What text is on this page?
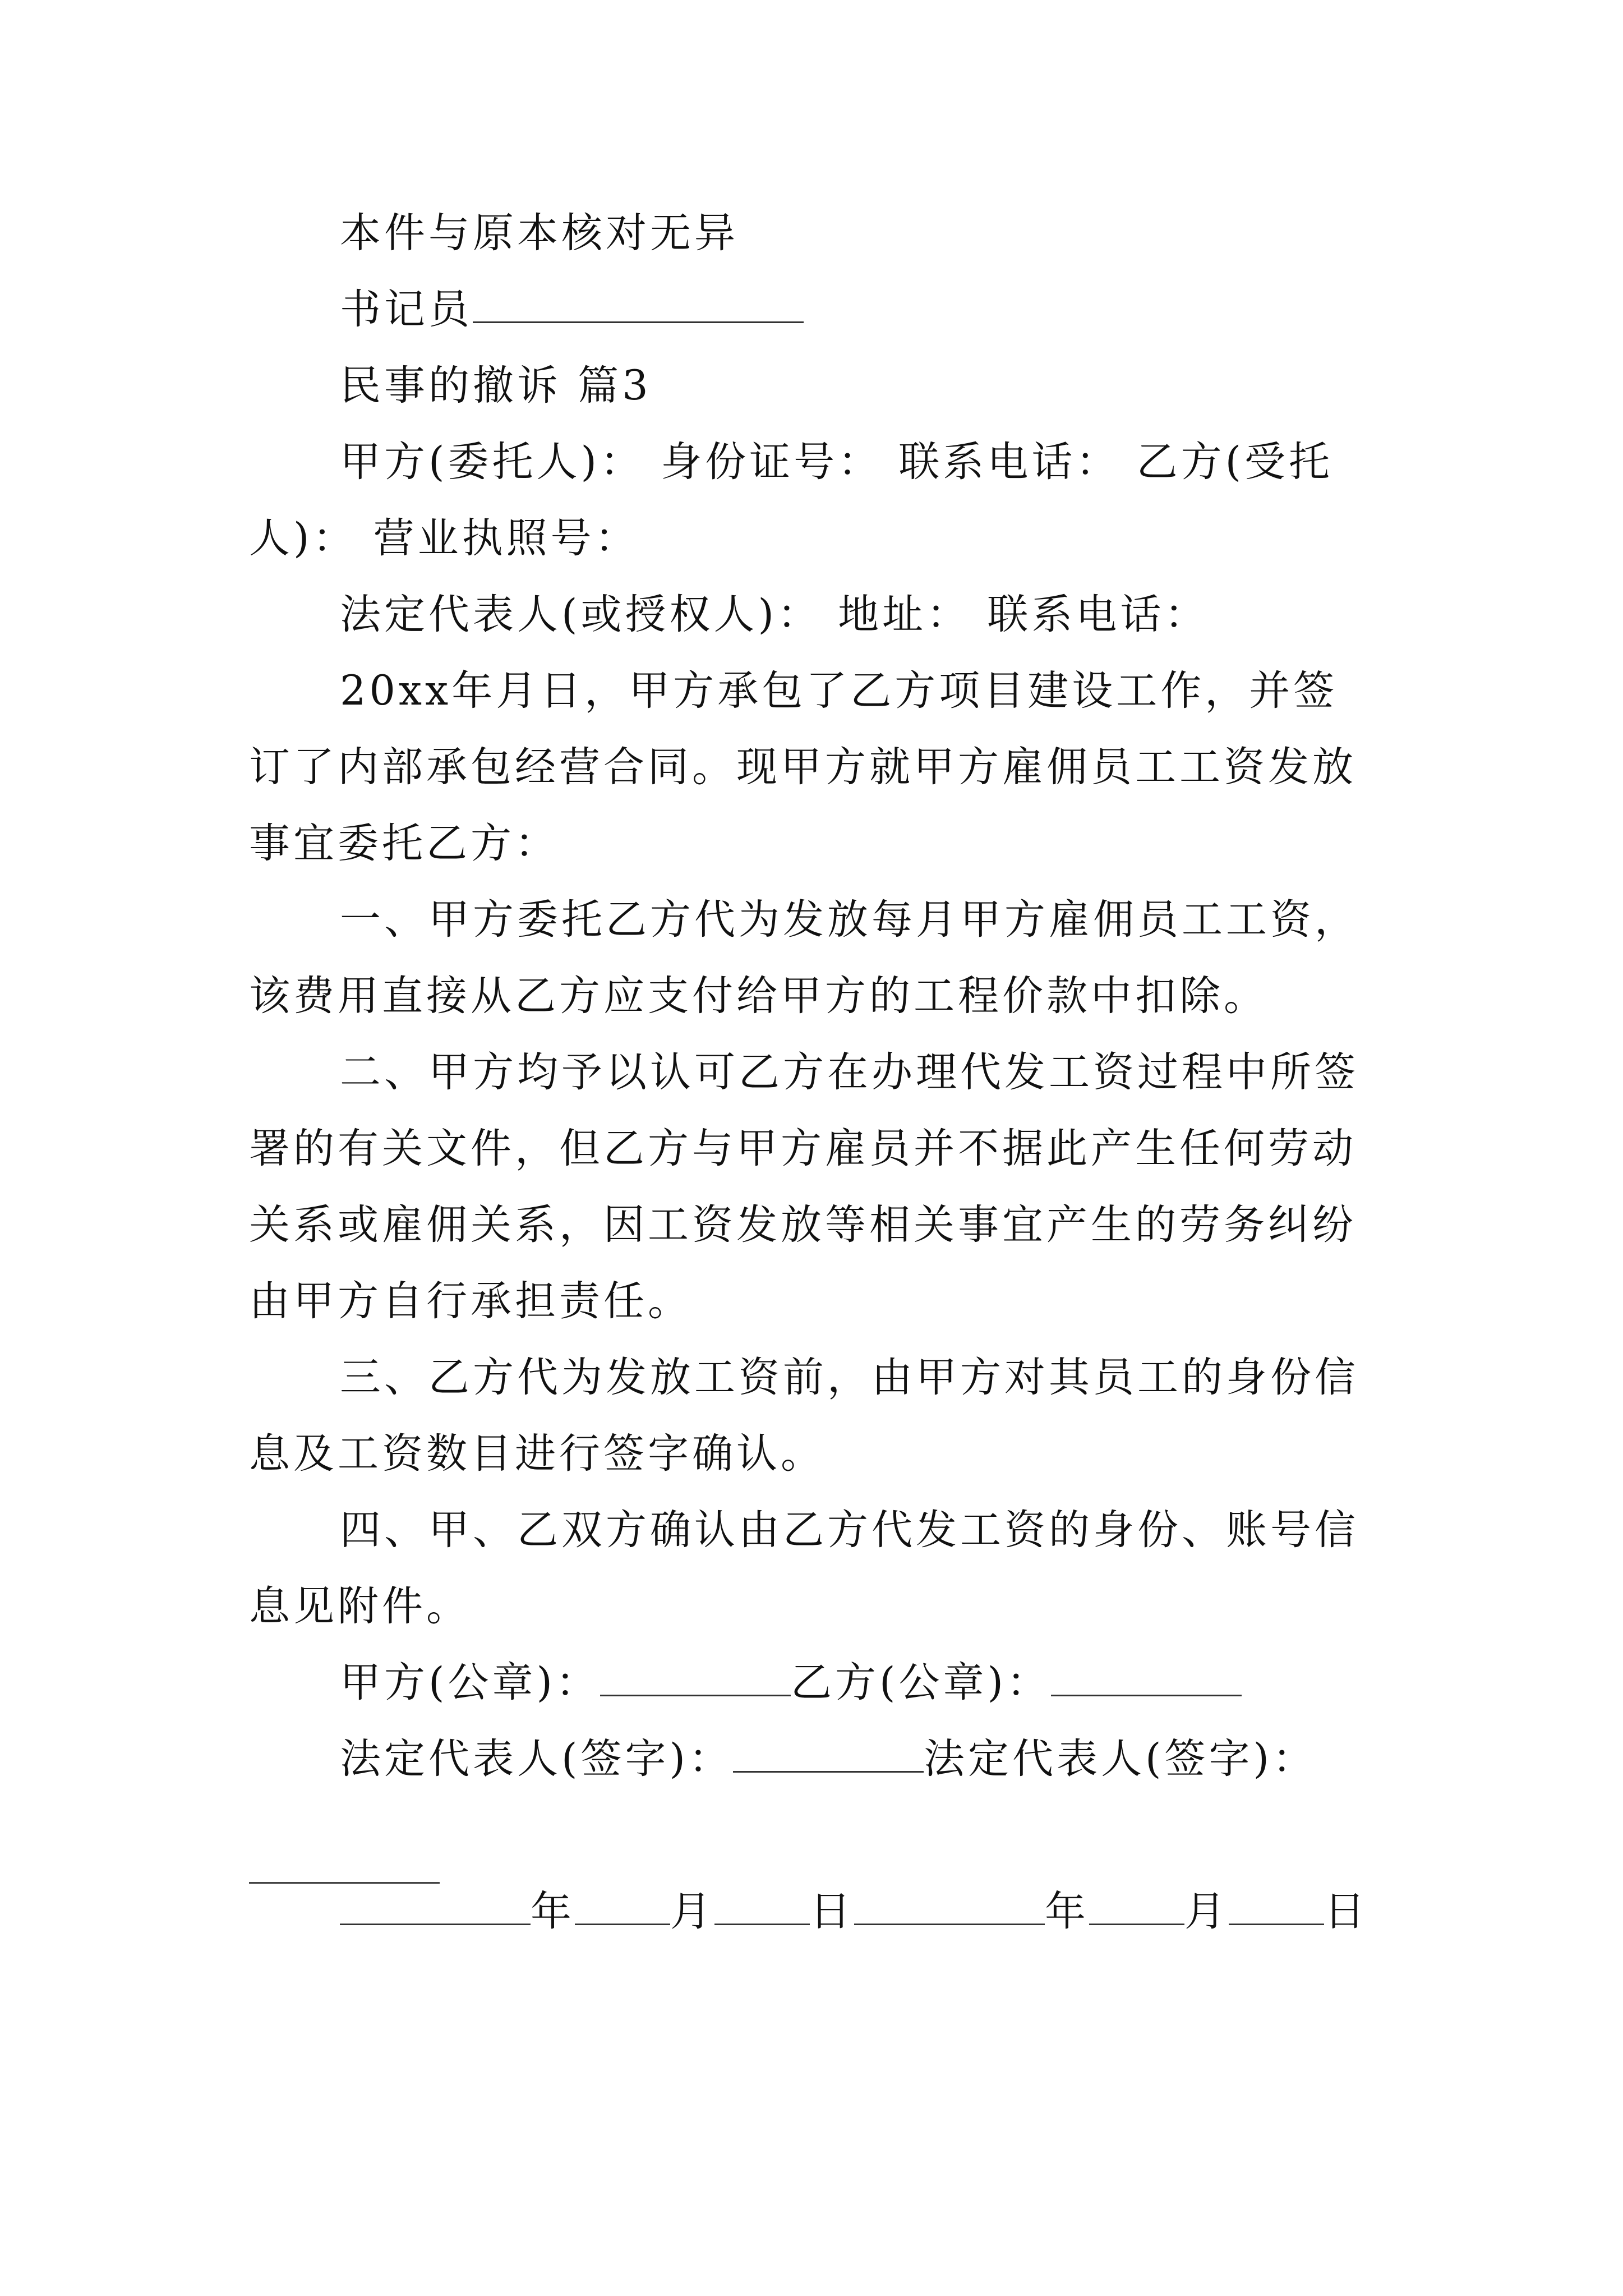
本件与原本核对无异
书记员
民事的撤诉 篇3

甲方(委托人)： 身份证号： 联系电话： 乙方(受托人)： 营业执照号：

法定代表人(或授权人)： 地址： 联系电话：

20xx年月日，甲方承包了乙方项目建设工作，并签订了内部承包经营合同。现甲方就甲方雇佣员工工资发放事宜委托乙方：

一、甲方委托乙方代为发放每月甲方雇佣员工工资，该费用直接从乙方应支付给甲方的工程价款中扣除。

二、甲方均予以认可乙方在办理代发工资过程中所签署的有关文件，但乙方与甲方雇员并不据此产生任何劳动关系或雇佣关系，因工资发放等相关事宜产生的劳务纠纷由甲方自行承担责任。

三、乙方代为发放工资前，由甲方对其员工的身份信息及工资数目进行签字确认。

四、甲、乙双方确认由乙方代发工资的身份、账号信息见附件。

甲方(公章)：	乙方(公章)：
法定代表人(签字)：	法定代表人(签字)：
年 月 日	年 月 日
